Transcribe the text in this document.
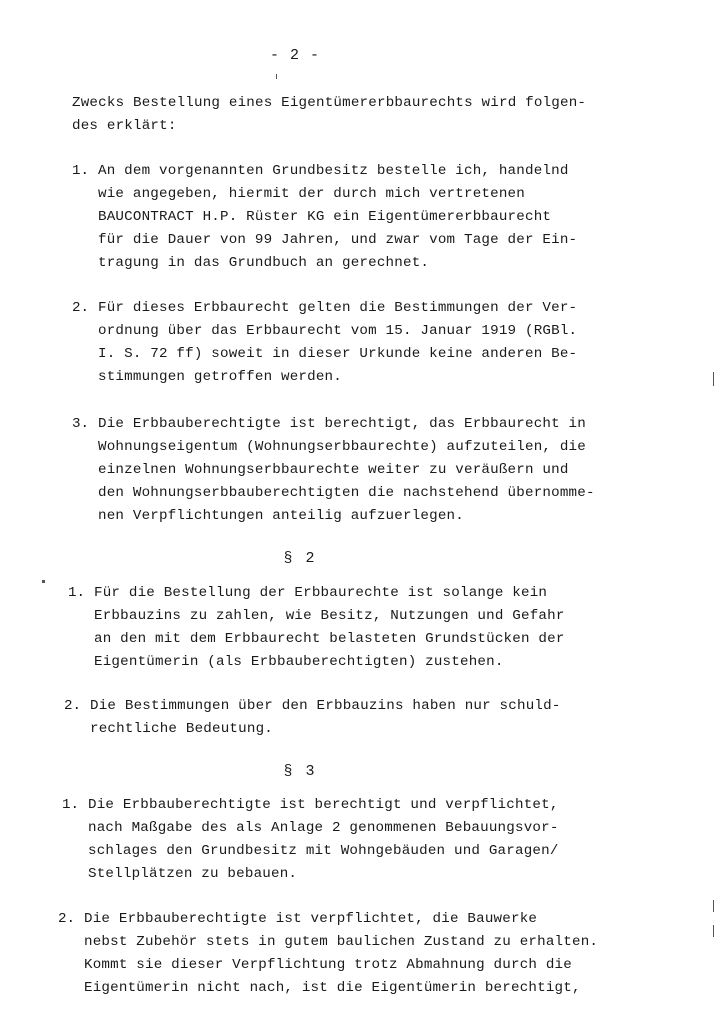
- 2 -
Zwecks Bestellung eines Eigentümererbbaurechts wird folgen-
des erklärt:
1. An dem vorgenannten Grundbesitz bestelle ich, handelnd
wie angegeben, hiermit der durch mich vertretenen
BAUCONTRACT H.P. Rüster KG ein Eigentümererbbaurecht
für die Dauer von 99 Jahren, und zwar vom Tage der Ein-
tragung in das Grundbuch an gerechnet.
2. Für dieses Erbbaurecht gelten die Bestimmungen der Ver-
ordnung über das Erbbaurecht vom 15. Januar 1919 (RGBl.
I. S. 72 ff) soweit in dieser Urkunde keine anderen Be-
stimmungen getroffen werden.
3. Die Erbbauberechtigte ist berechtigt, das Erbbaurecht in
Wohnungseigentum (Wohnungserbbaurechte) aufzuteilen, die
einzelnen Wohnungserbbaurechte weiter zu veräußern und
den Wohnungserbbauberechtigten die nachstehend übernomme-
nen Verpflichtungen anteilig aufzuerlegen.
§ 2
1. Für die Bestellung der Erbbaurechte ist solange kein
Erbbauzins zu zahlen, wie Besitz, Nutzungen und Gefahr
an den mit dem Erbbaurecht belasteten Grundstücken der
Eigentümerin (als Erbbauberechtigten) zustehen.
2. Die Bestimmungen über den Erbbauzins haben nur schuld-
rechtliche Bedeutung.
§ 3
1. Die Erbbauberechtigte ist berechtigt und verpflichtet,
nach Maßgabe des als Anlage 2 genommenen Bebauungsvor-
schlages den Grundbesitz mit Wohngebäuden und Garagen/
Stellplätzen zu bebauen.
2. Die Erbbauberechtigte ist verpflichtet, die Bauwerke
nebst Zubehör stets in gutem baulichen Zustand zu erhalten.
Kommt sie dieser Verpflichtung trotz Abmahnung durch die
Eigentümerin nicht nach, ist die Eigentümerin berechtigt,
